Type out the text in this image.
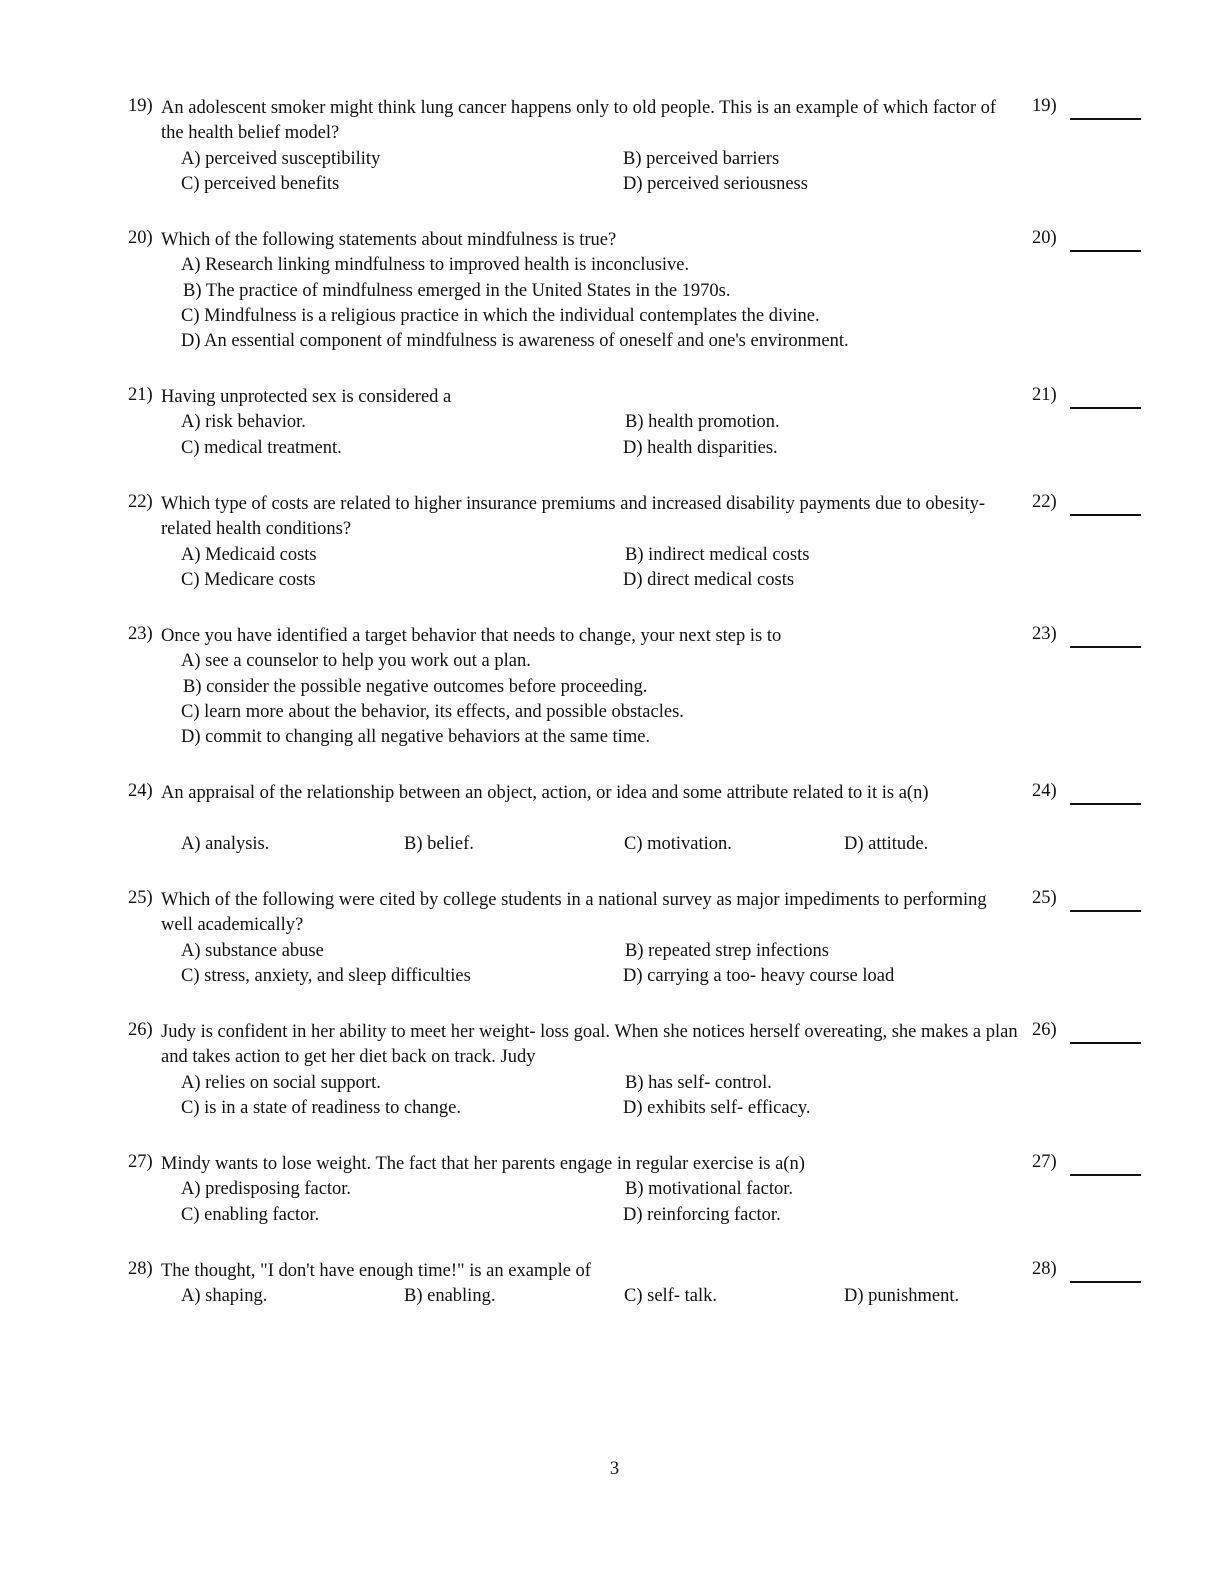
19) An adolescent smoker might think lung cancer happens only to old people. This is an example of which factor of the health belief model?
19)
A) perceived susceptibility	B) perceived barriers
C) perceived benefits	D) perceived seriousness
20) Which of the following statements about mindfulness is true?	20)
A) Research linking mindfulness to improved health is inconclusive.
B) The practice of mindfulness emerged in the United States in the 1970s.
C) Mindfulness is a religious practice in which the individual contemplates the divine.
D) An essential component of mindfulness is awareness of oneself and one's environment.
21) Having unprotected sex is considered a	21)
A) risk behavior.	B) health promotion.
C) medical treatment.	D) health disparities.
22) Which type of costs are related to higher insurance premiums and increased disability payments due to obesity- related health conditions?
22)
A) Medicaid costs	B) indirect medical costs
C) Medicare costs	D) direct medical costs
23) Once you have identified a target behavior that needs to change, your next step is to	23)
A) see a counselor to help you work out a plan.
B) consider the possible negative outcomes before proceeding.
C) learn more about the behavior, its effects, and possible obstacles.
D) commit to changing all negative behaviors at the same time.
24) An appraisal of the relationship between an object, action, or idea and some attribute related to it is a(n)	24)
A) analysis.	B) belief.	C) motivation.	D) attitude.
25) Which of the following were cited by college students in a national survey as major impediments to performing well academically?
25)
A) substance abuse	B) repeated strep infections
C) stress, anxiety, and sleep difficulties	D) carrying a too- heavy course load
26) Judy is confident in her ability to meet her weight- loss goal. When she notices herself overeating, she makes a plan and takes action to get her diet back on track. Judy
26)
A) relies on social support.	B) has self- control.
C) is in a state of readiness to change.	D) exhibits self- efficacy.
27) Mindy wants to lose weight. The fact that her parents engage in regular exercise is a(n)	27)
A) predisposing factor.	B) motivational factor.
C) enabling factor.	D) reinforcing factor.
28) The thought, "I don't have enough time!" is an example of	28)
A) shaping.	B) enabling.	C) self- talk.	D) punishment.
3
